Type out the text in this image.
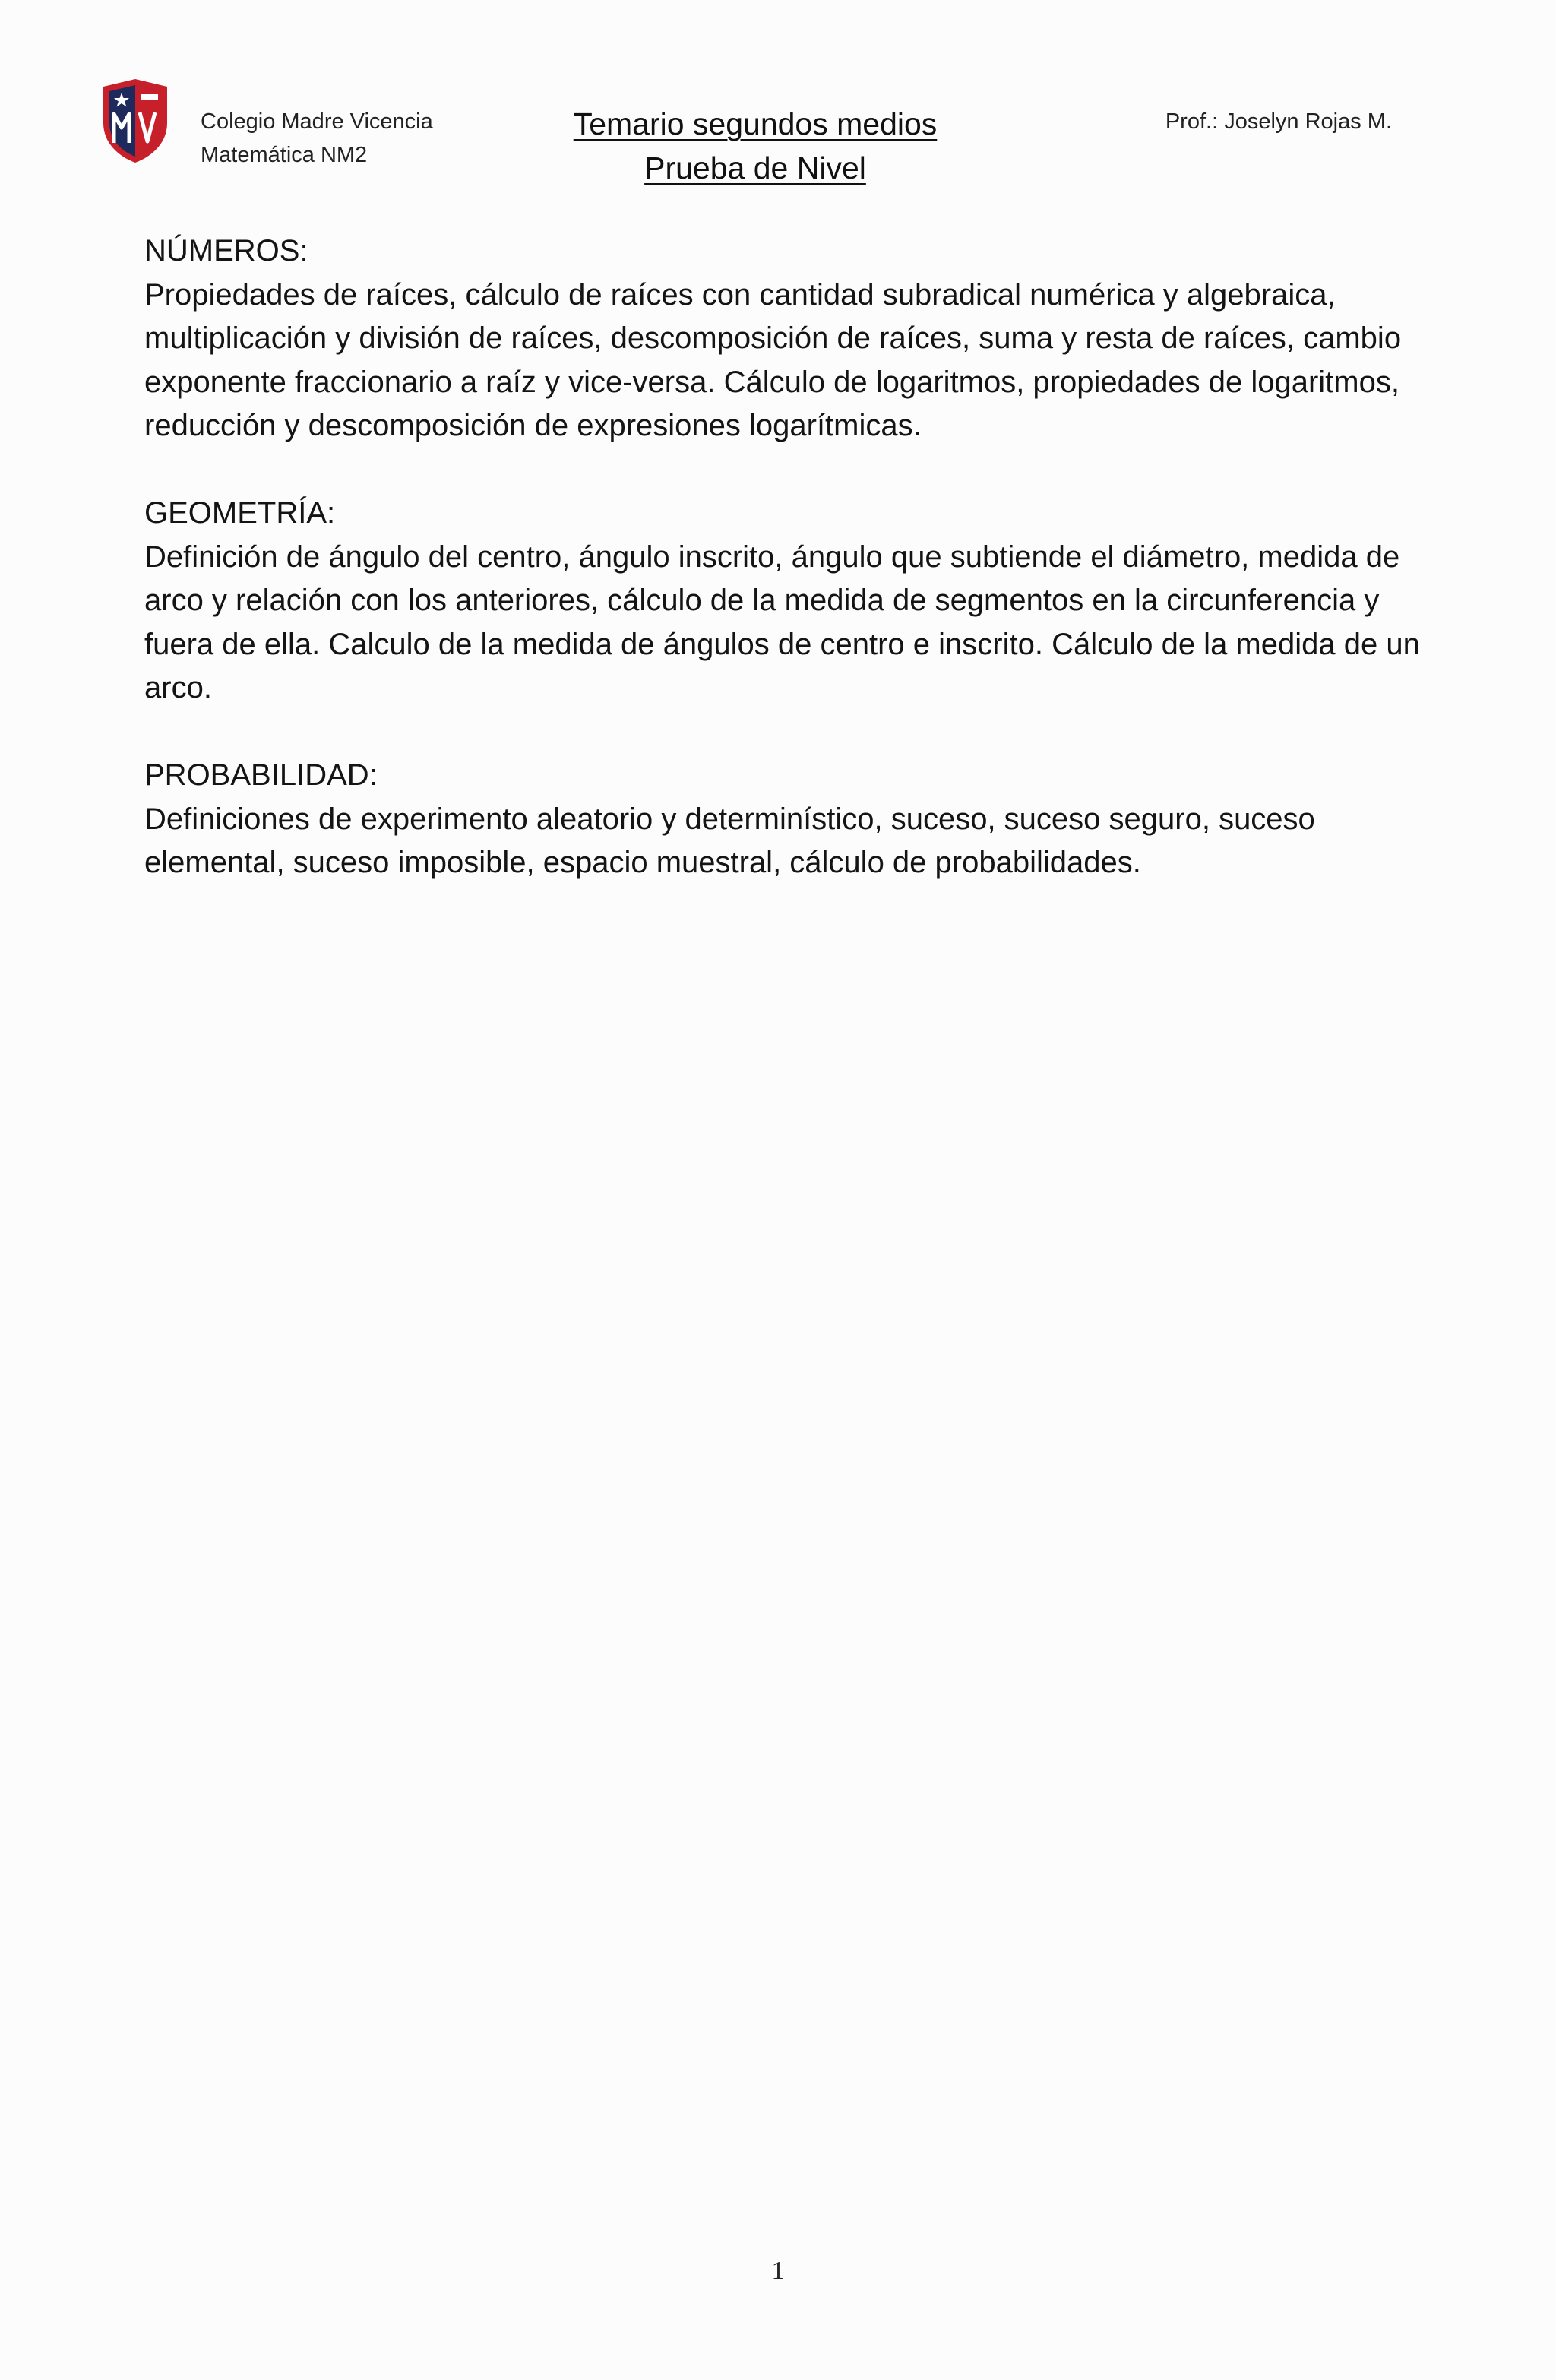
Colegio Madre Vicencia
Matemática NM2
Temario segundos medios
Prueba de Nivel
Prof.: Joselyn Rojas M.
NÚMEROS:
Propiedades de raíces, cálculo de raíces con cantidad subradical numérica y algebraica, multiplicación y división de raíces, descomposición de raíces, suma y resta de raíces, cambio exponente fraccionario a raíz y vice-versa. Cálculo de logaritmos, propiedades de logaritmos, reducción y descomposición de expresiones logarítmicas.
GEOMETRÍA:
Definición de ángulo del centro, ángulo inscrito, ángulo que subtiende el diámetro, medida de arco y relación con los anteriores, cálculo de la medida de segmentos en la circunferencia y fuera de ella. Calculo de la medida de ángulos de centro e inscrito. Cálculo de la medida de un arco.
PROBABILIDAD:
Definiciones de experimento aleatorio y determinístico, suceso, suceso seguro, suceso elemental, suceso imposible, espacio muestral, cálculo de probabilidades.
1
